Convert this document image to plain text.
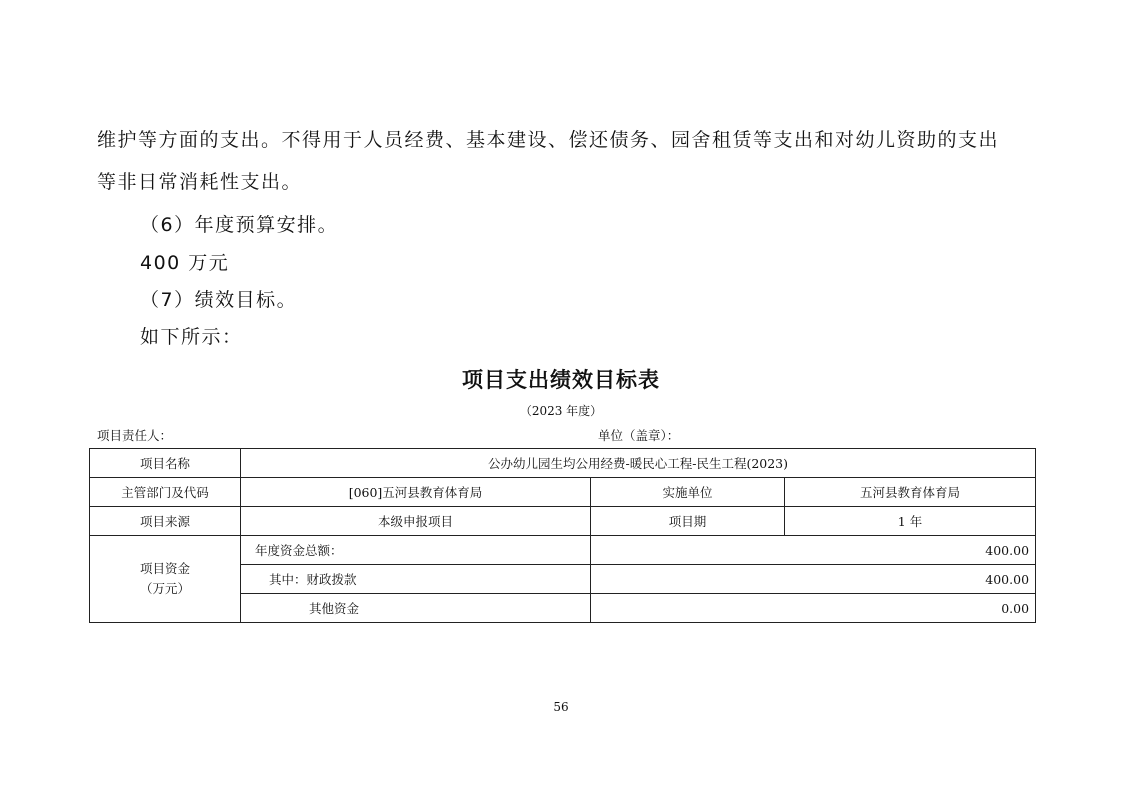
维护等方面的支出。不得用于人员经费、基本建设、偿还债务、园舍租赁等支出和对幼儿资助的支出
等非日常消耗性支出。
（6）年度预算安排。
400 万元
（7）绩效目标。
如下所示：
项目支出绩效目标表
（2023 年度）
项目责任人：	单位（盖章）：
项目名称	公办幼儿园生均公用经费-暖民心工程-民生工程(2023)		
主管部门及代码	[060]五河县教育体育局	实施单位	五河县教育体育局
项目来源	本级申报项目	项目期	1 年

项目资金
（万元）	年度资金总额：	400.00	
	其中：财政拨款	400.00	
	其他资金	0.00	
56
